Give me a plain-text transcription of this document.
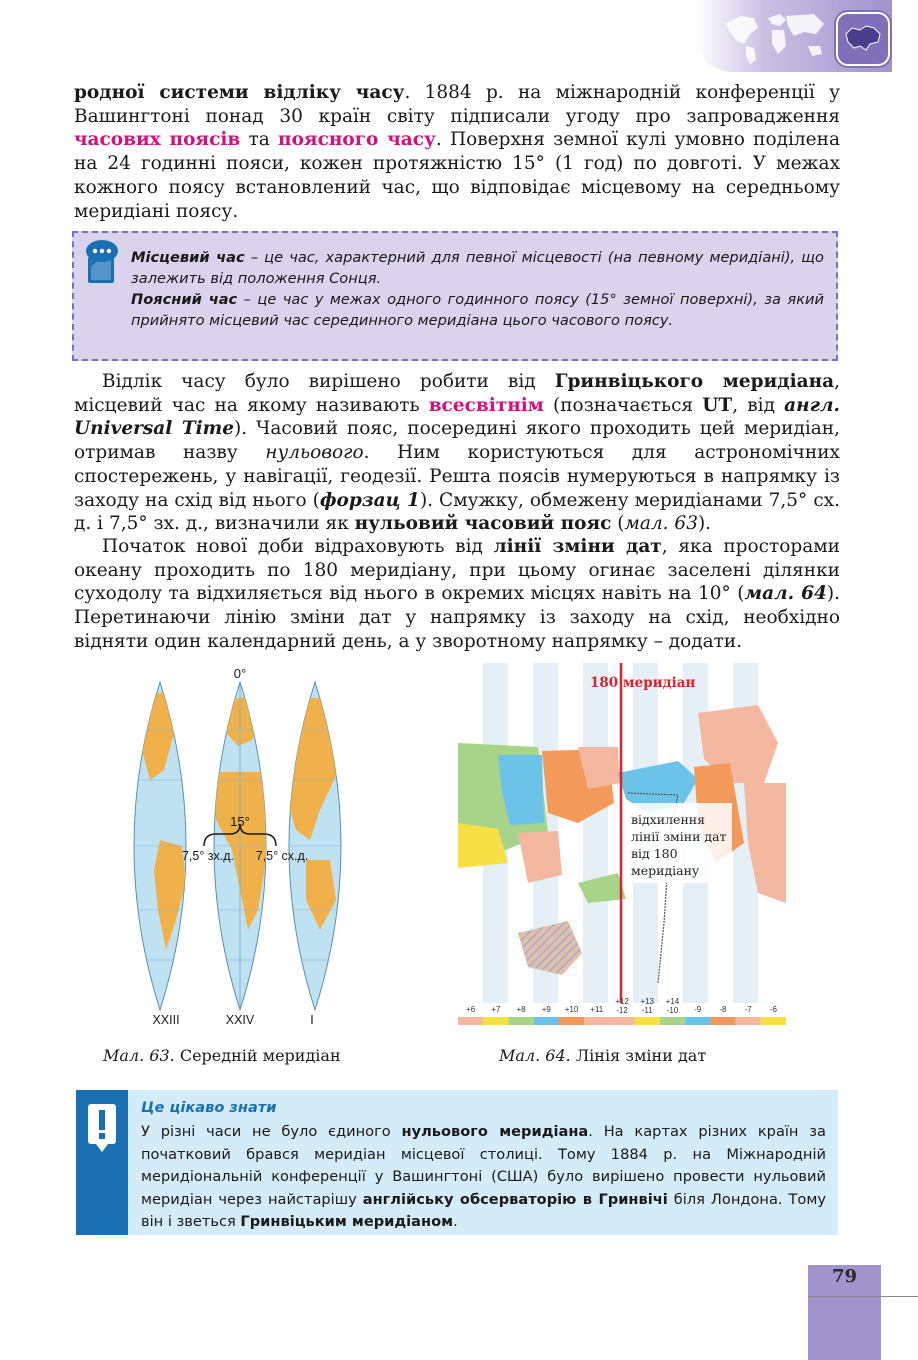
родної системи відліку часу. 1884 р. на міжнародній конференції у Вашингтоні понад 30 країн світу підписали угоду про запровадження часових поясів та поясного часу. Поверхня земної кулі умовно поділена на 24 годинні пояси, кожен протяжністю 15° (1 год) по довготі. У межах кожного поясу встановлений час, що відповідає місцевому на середньому меридіані поясу.

Місцевий час – це час, характерний для певної місцевості (на певному меридіані), що залежить від положення Сонця.
Поясний час – це час у межах одного годинного поясу (15° земної поверхні), за який прийнято місцевий час серединного меридіана цього часового поясу.

Відлік часу було вирішено робити від Гринвіцького меридіана, місцевий час на якому називають всесвітнім (позначається UT, від англ. Universal Time). Часовий пояс, посередині якого проходить цей меридіан, отримав назву нульового. Ним користуються для астрономічних спостережень, у навігації, геодезії. Решта поясів нумеруються в напрямку із заходу на схід від нього (форзац 1). Смужку, обмежену меридіанами 7,5° сх. д. і 7,5° зх. д., визначили як нульовий часовий пояс (мал. 63).

Початок нової доби відраховують від лінії зміни дат, яка просторами океану проходить по 180 меридіану, при цьому огинає заселені ділянки суходолу та відхиляється від нього в окремих місцях навіть на 10° (мал. 64). Перетинаючи лінію зміни дат у напрямку із заходу на схід, необхідно відняти один календарний день, а у зворотному напрямку – додати.

0°
15°
7,5° зх.д. 7,5° сх.д.
XXIII	XXIV	I
відхилення лінії зміни дат від 180 меридіану
180 меридіан
+6 +7 +8 +9 +10 +11
+12 +13 +14
-9 -8 -7 -6
-12 -11 -10
Мал. 63. Середній меридіан	Мал. 64. Лінія зміни дат
Це цікаво знати
У різні часи не було єдиного нульового меридіана. На картах різних країн за початковий брався меридіан місцевої столиці. Тому 1884 р. на Міжнародній меридіональній конференції у Вашингтоні (США) було вирішено провести нульовий меридіан через найстарішу англійську обсерваторію в Гринвічі біля Лондона. Тому він і зветься Гринвіцьким меридіаном.
79
